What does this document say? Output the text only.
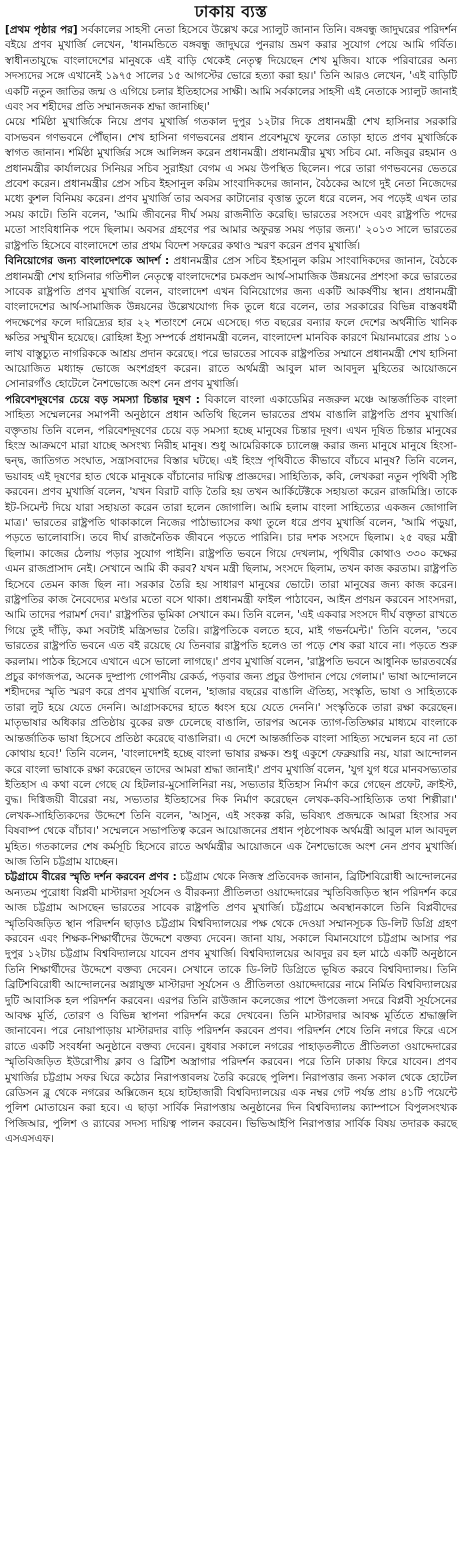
ঢাকায় ব্যস্ত

[প্রথম পৃষ্ঠার পর] সর্বকালের সাহসী নেতা হিসেবে উল্লেখ করে স্যালুট জানান তিনি। বঙ্গবন্ধু জাদুঘরের পরিদর্শন বইয়ে প্রণব মুখার্জি লেখেন, 'ধানমন্ডিতে বঙ্গবন্ধু জাদুঘরে পুনরায় ভ্রমণ করার সুযোগ পেয়ে আমি গর্বিত। স্বাধীনতাযুদ্ধে বাংলাদেশের মানুষকে এই বাড়ি থেকেই নেতৃত্ব দিয়েছেন শেখ মুজিব। যাকে পরিবারের অন্য সদস্যদের সঙ্গে এখানেই ১৯৭৫ সালের ১৫ আগস্টের ভোরে হত্যা করা হয়।' তিনি আরও লেখেন, 'এই বাড়িটি একটি নতুন জাতির জন্ম ও এগিয়ে চলার ইতিহাসের সাক্ষী। আমি সর্বকালের সাহসী এই নেতাকে স্যালুট জানাই এবং সব শহীদের প্রতি সম্মানজনক শ্রদ্ধা জানাচ্ছি।'

মেয়ে শর্মিষ্ঠা মুখার্জিকে নিয়ে প্রণব মুখার্জি গতকাল দুপুর ১২টার দিকে প্রধানমন্ত্রী শেখ হাসিনার সরকারি বাসভবন গণভবনে পৌঁছান। শেখ হাসিনা গণভবনের প্রধান প্রবেশমুখে ফুলের তোড়া হাতে প্রণব মুখার্জিকে স্বাগত জানান। শর্মিষ্ঠা মুখার্জির সঙ্গে আলিঙ্গন করেন প্রধানমন্ত্রী। প্রধানমন্ত্রীর মুখ্য সচিব মো. নজিবুর রহমান ও প্রধানমন্ত্রীর কার্যালয়ের সিনিয়র সচিব সুরাইয়া বেগম এ সময় উপস্থিত ছিলেন। পরে তারা গণভবনের ভেতরে প্রবেশ করেন। প্রধানমন্ত্রীর প্রেস সচিব ইহসানুল করিম সাংবাদিকদের জানান, বৈঠকের আগে দুই নেতা নিজেদের মধ্যে কুশল বিনিময় করেন। প্রণব মুখার্জি তার অবসর কাটানোর বৃত্তান্ত তুলে ধরে বলেন, সব পড়েই এখন তার সময় কাটে। তিনি বলেন, 'আমি জীবনের দীর্ঘ সময় রাজনীতি করেছি। ভারতের সংসদে এবং রাষ্ট্রপতি পদের মতো সাংবিধানিক পদে ছিলাম। অবসর গ্রহণের পর আমার অফুরন্ত সময় পড়ার জন্য।' ২০১৩ সালে ভারতের রাষ্ট্রপতি হিসেবে বাংলাদেশে তার প্রথম বিদেশ সফরের কথাও স্মরণ করেন প্রণব মুখার্জি।

বিনিয়োগের জন্য বাংলাদেশকে আদর্শ : প্রধানমন্ত্রীর প্রেস সচিব ইহসানুল করিম সাংবাদিকদের জানান, বৈঠকে প্রধানমন্ত্রী শেখ হাসিনার গতিশীল নেতৃত্বে বাংলাদেশের চমকপ্রদ আর্থ-সামাজিক উন্নয়নের প্রশংসা করে ভারতের সাবেক রাষ্ট্রপতি প্রণব মুখার্জি বলেন, বাংলাদেশ এখন বিনিয়োগের জন্য একটি আকর্ষণীয় স্থান। প্রধানমন্ত্রী বাংলাদেশের আর্থ-সামাজিক উন্নয়নের উল্লেখযোগ্য দিক তুলে ধরে বলেন, তার সরকারের বিভিন্ন বাস্তবধর্মী পদক্ষেপের ফলে দারিদ্র্যের হার ২২ শতাংশে নেমে এসেছে। গত বছরের বন্যার ফলে দেশের অর্থনীতি খানিক ক্ষতির সম্মুখীন হয়েছে। রোহিঙ্গা ইস্যু সম্পর্কে প্রধানমন্ত্রী বলেন, বাংলাদেশ মানবিক কারণে মিয়ানমারের প্রায় ১০ লাখ বাস্তুচ্যুত নাগরিককে আশ্রয় প্রদান করেছে। পরে ভারতের সাবেক রাষ্ট্রপতির সম্মানে প্রধানমন্ত্রী শেখ হাসিনা আয়োজিত মধ্যাহ্ন ভোজে অংশগ্রহণ করেন। রাতে অর্থমন্ত্রী আবুল মাল আবদুল মুহিতের আয়োজনে সোনারগাঁও হোটেলে নৈশভোজে অংশ নেন প্রণব মুখার্জি।

পরিবেশদূষণের চেয়ে বড় সমস্যা চিন্তার দূষণ : বিকালে বাংলা একাডেমির নজরুল মঞ্চে আন্তর্জাতিক বাংলা সাহিত্য সম্মেলনের সমাপনী অনুষ্ঠানে প্রধান অতিথি ছিলেন ভারতের প্রথম বাঙালি রাষ্ট্রপতি প্রণব মুখার্জি। বক্তৃতায় তিনি বলেন, পরিবেশদূষণের চেয়ে বড় সমস্যা হচ্ছে মানুষের চিন্তার দূষণ। এখন দূষিত চিন্তার মানুষের হিংস্র আক্রমণে মারা যাচ্ছে অসংখ্য নিরীহ মানুষ। শুধু আমেরিকাকে চ্যালেঞ্জ করার জন্য মানুষে মানুষে হিংসা-দ্বন্দ্ব, জাতিগত সংঘাত, সন্ত্রাসবাদের বিস্তার ঘটছে। এই হিংস্র পৃথিবীতে কীভাবে বাঁচবে মানুষ? তিনি বলেন, ভয়াবহ এই দূষণের হাত থেকে মানুষকে বাঁচানোর দায়িত্ব প্রাজ্ঞদের। সাহিত্যিক, কবি, লেখকরা নতুন পৃথিবী সৃষ্টি করবেন। প্রণব মুখার্জি বলেন, 'যখন বিরাট বাড়ি তৈরি হয় তখন আর্কিটেক্টকে সহায়তা করেন রাজমিস্ত্রি। তাকে ইট-সিমেন্ট দিয়ে যারা সহায়তা করেন তারা হলেন জোগালি। আমি হলাম বাংলা সাহিত্যের একজন জোগালি মাত্র।' ভারতের রাষ্ট্রপতি থাকাকালে নিজের পাঠাভ্যাসের কথা তুলে ধরে প্রণব মুখার্জি বলেন, 'আমি পড়ুয়া, পড়তে ভালোবাসি। তবে দীর্ঘ রাজনৈতিক জীবনে পড়তে পারিনি। চার দশক সংসদে ছিলাম। ২৫ বছর মন্ত্রী ছিলাম। কাজের ঠেলায় পড়ার সুযোগ পাইনি। রাষ্ট্রপতি ভবনে গিয়ে দেখলাম, পৃথিবীর কোথাও ৩৩০ কক্ষের এমন রাজপ্রাসাদ নেই। সেখানে আমি কী করব? যখন মন্ত্রী ছিলাম, সংসদে ছিলাম, তখন কাজ করতাম। রাষ্ট্রপতি হিসেবে তেমন কাজ ছিল না। সরকার তৈরি হয় সাধারণ মানুষের ভোটে। তারা মানুষের জন্য কাজ করেন। রাষ্ট্রপতির কাজ নৈবেদ্যের মণ্ডার মতো বসে থাকা। প্রধানমন্ত্রী ফাইল পাঠাবেন, আইন প্রণয়ন করবেন সাংসদরা, আমি তাদের পরামর্শ দেব।' রাষ্ট্রপতির ভূমিকা সেখানে কম। তিনি বলেন, 'এই একবার সংসদে দীর্ঘ বক্তৃতা রাখতে গিয়ে তুই দাঁড়ি, কমা সবটাই মন্ত্রিসভার তৈরি। রাষ্ট্রপতিকে বলতে হবে, মাই গভর্নমেন্ট।' তিনি বলেন, 'তবে ভারতের রাষ্ট্রপতি ভবনে এত বই রয়েছে যে তিনবার রাষ্ট্রপতি হলেও তা পড়ে শেষ করা যাবে না। পড়তে শুরু করলাম। পাঠক হিসেবে এখানে এসে ভালো লাগছে।' প্রণব মুখার্জি বলেন, 'রাষ্ট্রপতি ভবনে আধুনিক ভারতবর্ষের প্রচুর কাগজপত্র, অনেক দুষ্প্রাপ্য গোপনীয় রেকর্ড, পড়বার জন্য প্রচুর উপাদান পেয়ে গেলাম।' ভাষা আন্দোলনে শহীদদের স্মৃতি স্মরণ করে প্রণব মুখার্জি বলেন, 'হাজার বছরের বাঙালি ঐতিহ্য, সংস্কৃতি, ভাষা ও সাহিত্যকে তারা লুট হয়ে যেতে দেননি। আগ্রাসকদের হাতে ধ্বংস হয়ে যেতে দেননি।' সংস্কৃতিকে তারা রক্ষা করেছেন। মাতৃভাষার অধিকার প্রতিষ্ঠায় বুকের রক্ত ঢেলেছে বাঙালি, তারপর অনেক ত্যাগ-তিতিক্ষার মাধ্যমে বাংলাকে আন্তর্জাতিক ভাষা হিসেবে প্রতিষ্ঠা করেছে বাঙালিরা। এ দেশে আন্তর্জাতিক বাংলা সাহিত্য সম্মেলন হবে না তো কোথায় হবে!' তিনি বলেন, 'বাংলাদেশই হচ্ছে বাংলা ভাষার রক্ষক। শুধু একুশে ফেব্রুয়ারি নয়, যারা আন্দোলন করে বাংলা ভাষাকে রক্ষা করেছেন তাদের আমরা শ্রদ্ধা জানাই।' প্রণব মুখার্জি বলেন, 'যুগ যুগ ধরে মানবসভ্যতার ইতিহাস এ কথা বলে গেছে যে হিটলার-মুসোলিনিরা নয়, সভ্যতার ইতিহাস নির্মাণ করে গেছেন প্রফেট, ক্রাইস্ট, বুদ্ধ। দিগ্বিজয়ী বীরেরা নয়, সভ্যতার ইতিহাসের দিক নির্মাণ করেছেন লেখক-কবি-সাহিত্যিক তথা শিল্পীরা।' লেখক-সাহিত্যিকদের উদ্দেশে তিনি বলেন, 'আসুন, এই সংকল্প করি, ভবিষ্যৎ প্রজন্মকে আমরা হিংসার সব বিষবাষ্প থেকে বাঁচাব।' সম্মেলনে সভাপতিত্ব করেন আয়োজনের প্রধান পৃষ্ঠপোষক অর্থমন্ত্রী আবুল মাল আবদুল মুহিত। গতকালের শেষ কর্মসূচি হিসেবে রাতে অর্থমন্ত্রীর আয়োজনে এক নৈশভোজে অংশ নেন প্রণব মুখার্জি। আজ তিনি চট্টগ্রাম যাচ্ছেন।

চট্টগ্রামে বীরের স্মৃতি দর্শন করবেন প্রণব : চট্টগ্রাম থেকে নিজস্ব প্রতিবেদক জানান, ব্রিটিশবিরোধী আন্দোলনের অন্যতম পুরোধা বিপ্লবী মাস্টারদা সূর্যসেন ও বীরকন্যা প্রীতিলতা ওয়াদ্দেদারের স্মৃতিবিজড়িত স্থান পরিদর্শন করে আজ চট্টগ্রাম আসছেন ভারতের সাবেক রাষ্ট্রপতি প্রণব মুখার্জি। চট্টগ্রামে অবস্থানকালে তিনি বিপ্লবীদের স্মৃতিবিজড়িত স্থান পরিদর্শন ছাড়াও চট্টগ্রাম বিশ্ববিদ্যালয়ের পক্ষ থেকে দেওয়া সম্মানসূচক ডি-লিট ডিগ্রি গ্রহণ করবেন এবং শিক্ষক-শিক্ষার্থীদের উদ্দেশে বক্তব্য দেবেন। জানা যায়, সকালে বিমানযোগে চট্টগ্রাম আসার পর দুপুর ১২টায় চট্টগ্রাম বিশ্ববিদ্যালয়ে যাবেন প্রণব মুখার্জি। বিশ্ববিদ্যালয়ের আবদুর রব হল মাঠে একটি অনুষ্ঠানে তিনি শিক্ষার্থীদের উদ্দেশে বক্তব্য দেবেন। সেখানে তাকে ডি-লিট ডিগ্রিতে ভূষিত করবে বিশ্ববিদ্যালয়। তিনি ব্রিটিশবিরোধী আন্দোলনের অগ্নাযুক্ত মাস্টারদা সূর্যসেন ও প্রীতিলতা ওয়াদ্দেদারের নামে নির্মিত বিশ্ববিদ্যালয়ের দুটি আবাসিক হল পরিদর্শন করবেন। এরপর তিনি রাউজান কলেজের পাশে উপজেলা সদরে বিপ্লবী সূর্যসেনের আবক্ষ মূর্তি, তোরণ ও বিভিন্ন স্থাপনা পরিদর্শন করে দেখবেন। তিনি মাস্টারদার আবক্ষ মূর্তিতে শ্রদ্ধাঞ্জলি জানাবেন। পরে নোয়াপাড়ায় মাস্টারদার বাড়ি পরিদর্শন করবেন প্রণব। পরিদর্শন শেষে তিনি নগরে ফিরে এসে রাতে একটি সংবর্ধনা অনুষ্ঠানে বক্তব্য দেবেন। বুধবার সকালে নগরের পাহাড়তলীতে প্রীতিলতা ওয়াদ্দেদারের স্মৃতিবিজড়িত ইউরোপীয় ক্লাব ও ব্রিটিশ অস্ত্রাগার পরিদর্শন করবেন। পরে তিনি ঢাকায় ফিরে যাবেন। প্রণব মুখার্জির চট্টগ্রাম সফর ঘিরে কঠোর নিরাপত্তাবলয় তৈরি করেছে পুলিশ। নিরাপত্তার জন্য সকাল থেকে হোটেল রেডিসন ব্লু থেকে নগরের অক্সিজেন হয়ে হাটহাজারী বিশ্ববিদ্যালয়ের এক নম্বর গেট পর্যন্ত প্রায় ৪১টি পয়েন্টে পুলিশ মোতায়েন করা হবে। এ ছাড়া সার্বিক নিরাপত্তায় অনুষ্ঠানের দিন বিশ্ববিদ্যালয় ক্যাম্পাসে বিপুলসংখ্যক পিজিআর, পুলিশ ও র‍্যাবের সদস্য দায়িত্ব পালন করবেন। ভিভিআইপি নিরাপত্তার সার্বিক বিষয় তদারক করছে এসএসএফ।
